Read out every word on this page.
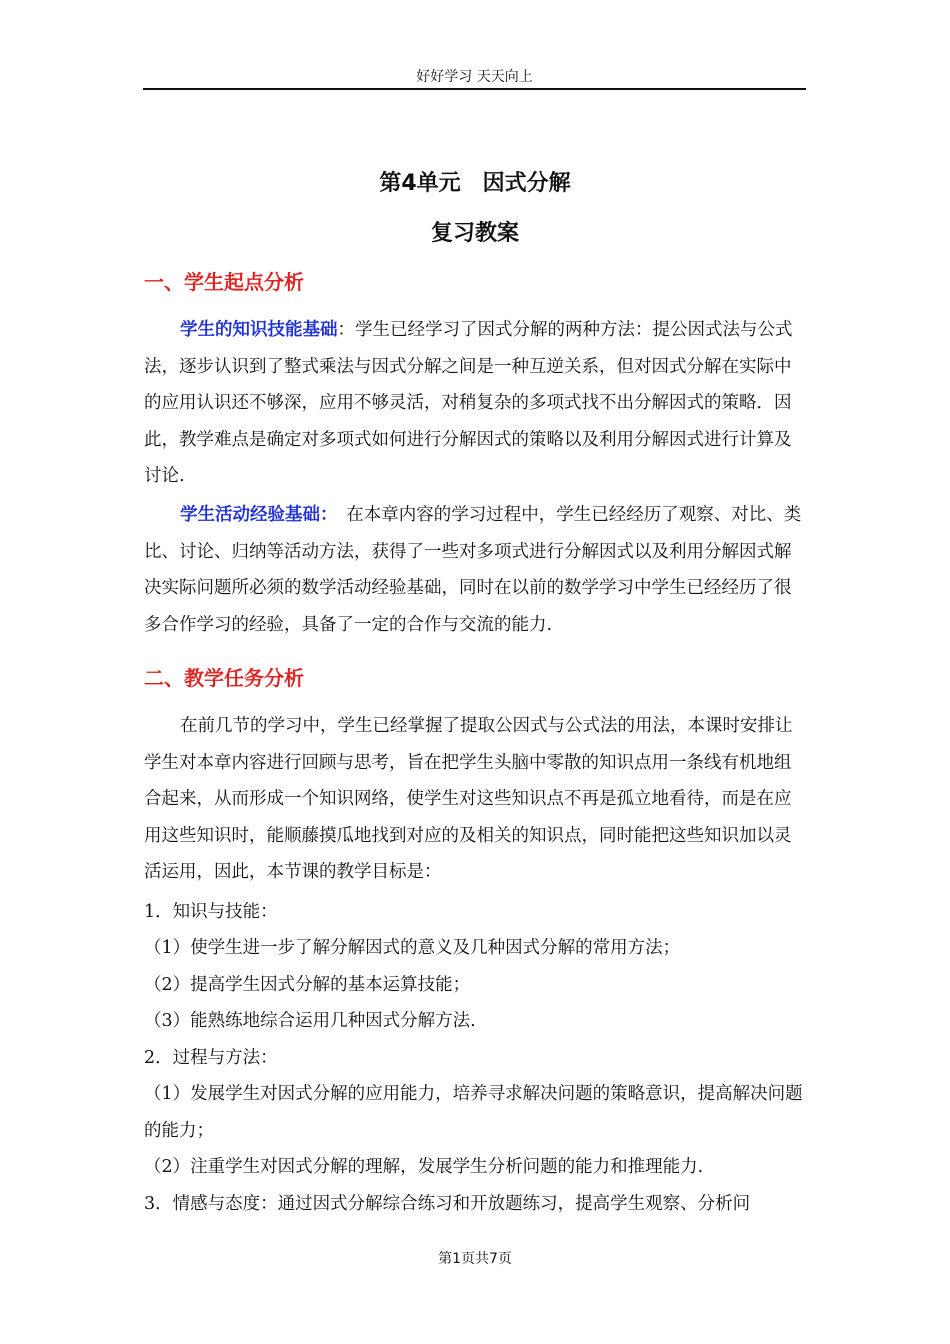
好好学习 天天向上
第4单元　因式分解
复习教案
一、学生起点分析

学生的知识技能基础：学生已经学习了因式分解的两种方法：提公因式法与公式法，逐步认识到了整式乘法与因式分解之间是一种互逆关系，但对因式分解在实际中的应用认识还不够深，应用不够灵活，对稍复杂的多项式找不出分解因式的策略．因此，教学难点是确定对多项式如何进行分解因式的策略以及利用分解因式进行计算及讨论.

学生活动经验基础：　在本章内容的学习过程中，学生已经经历了观察、对比、类比、讨论、归纳等活动方法，获得了一些对多项式进行分解因式以及利用分解因式解决实际问题所必须的数学活动经验基础，同时在以前的数学学习中学生已经经历了很多合作学习的经验，具备了一定的合作与交流的能力.

二、教学任务分析

在前几节的学习中，学生已经掌握了提取公因式与公式法的用法，本课时安排让学生对本章内容进行回顾与思考，旨在把学生头脑中零散的知识点用一条线有机地组合起来，从而形成一个知识网络，使学生对这些知识点不再是孤立地看待，而是在应用这些知识时，能顺藤摸瓜地找到对应的及相关的知识点，同时能把这些知识加以灵活运用，因此，本节课的教学目标是：

1．知识与技能：
（1）使学生进一步了解分解因式的意义及几种因式分解的常用方法；
（2）提高学生因式分解的基本运算技能；
（3）能熟练地综合运用几种因式分解方法.
2．过程与方法：

（1）发展学生对因式分解的应用能力，培养寻求解决问题的策略意识，提高解决问题的能力；

（2）注重学生对因式分解的理解，发展学生分析问题的能力和推理能力.
3．情感与态度：通过因式分解综合练习和开放题练习，提高学生观察、分析问
第1页共7页
